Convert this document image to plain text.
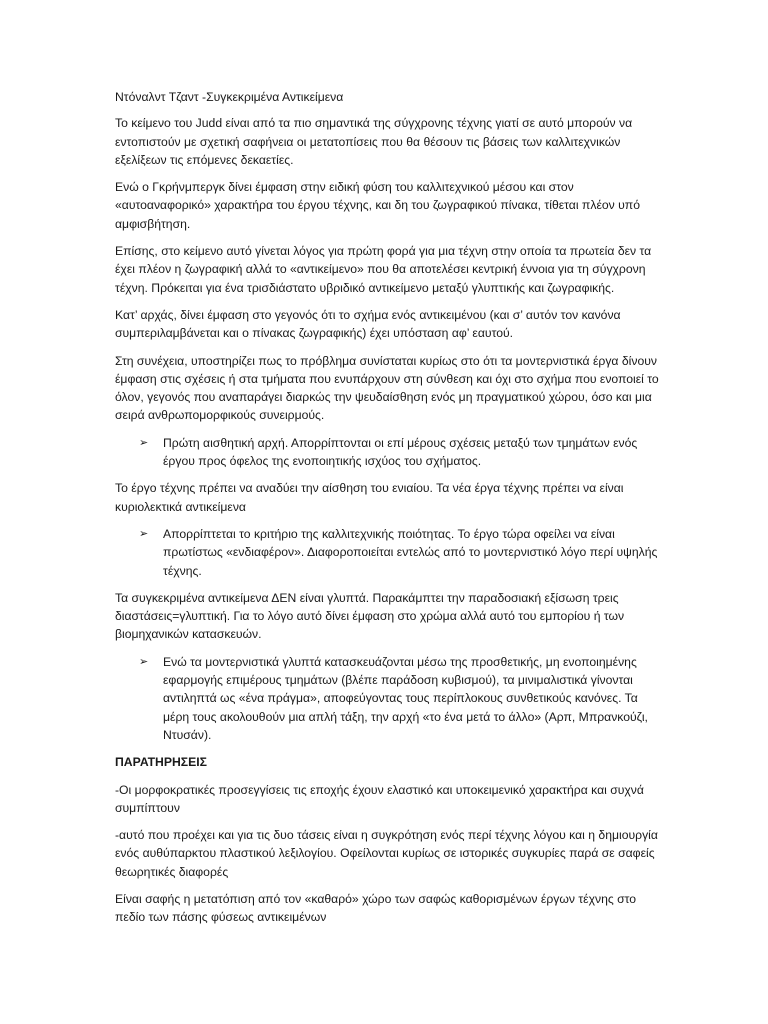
Ντόναλντ Τζαντ -Συγκεκριμένα Αντικείμενα

Το κείμενο του Judd είναι από τα πιο σημαντικά της σύγχρονης τέχνης γιατί σε αυτό μπορούν να εντοπιστούν με σχετική σαφήνεια οι μετατοπίσεις που θα θέσουν τις βάσεις των καλλιτεχνικών εξελίξεων τις επόμενες δεκαετίες.

Ενώ ο Γκρήνμπεργκ δίνει έμφαση στην ειδική φύση του καλλιτεχνικού μέσου και στον «αυτοαναφορικό» χαρακτήρα του έργου τέχνης, και δη του ζωγραφικού πίνακα, τίθεται πλέον υπό αμφισβήτηση.

Επίσης, στο κείμενο αυτό γίνεται λόγος για πρώτη φορά για μια τέχνη στην οποία τα πρωτεία δεν τα έχει πλέον η ζωγραφική αλλά το «αντικείμενο» που θα αποτελέσει κεντρική έννοια για τη σύγχρονη τέχνη. Πρόκειται για ένα τρισδιάστατο υβριδικό αντικείμενο μεταξύ γλυπτικής και ζωγραφικής.

Κατ’ αρχάς, δίνει έμφαση στο γεγονός ότι το σχήμα ενός αντικειμένου (και σ’ αυτόν τον κανόνα συμπεριλαμβάνεται και ο πίνακας ζωγραφικής) έχει υπόσταση αφ’ εαυτού.

Στη συνέχεια, υποστηρίζει πως το πρόβλημα συνίσταται κυρίως στο ότι τα μοντερνιστικά έργα δίνουν έμφαση στις σχέσεις ή στα τμήματα που ενυπάρχουν στη σύνθεση και όχι στο σχήμα που ενοποιεί το όλον, γεγονός που αναπαράγει διαρκώς την ψευδαίσθηση ενός μη πραγματικού χώρου, όσο και μια σειρά ανθρωπομορφικούς συνειρμούς.

➢ Πρώτη αισθητική αρχή. Απορρίπτονται οι επί μέρους σχέσεις μεταξύ των τμημάτων ενός έργου προς όφελος της ενοποιητικής ισχύος του σχήματος.

Το έργο τέχνης πρέπει να αναδύει την αίσθηση του ενιαίου. Τα νέα έργα τέχνης πρέπει να είναι κυριολεκτικά αντικείμενα

➢ Απορρίπτεται το κριτήριο της καλλιτεχνικής ποιότητας. Το έργο τώρα οφείλει να είναι πρωτίστως «ενδιαφέρον». Διαφοροποιείται εντελώς από το μοντερνιστικό λόγο περί υψηλής τέχνης.

Τα συγκεκριμένα αντικείμενα ΔΕΝ είναι γλυπτά. Παρακάμπτει την παραδοσιακή εξίσωση τρεις διαστάσεις=γλυπτική. Για το λόγο αυτό δίνει έμφαση στο χρώμα αλλά αυτό του εμπορίου ή των βιομηχανικών κατασκευών.

➢ Ενώ τα μοντερνιστικά γλυπτά κατασκευάζονται μέσω της προσθετικής, μη ενοποιημένης εφαρμογής επιμέρους τμημάτων (βλέπε παράδοση κυβισμού), τα μινιμαλιστικά γίνονται αντιληπτά ως «ένα πράγμα», αποφεύγοντας τους περίπλοκους συνθετικούς κανόνες. Τα μέρη τους ακολουθούν μια απλή τάξη, την αρχή «το ένα μετά το άλλο» (Αρπ, Μπρανκούζι, Ντυσάν).

ΠΑΡΑΤΗΡΗΣΕΙΣ

-Οι μορφοκρατικές προσεγγίσεις τις εποχής έχουν ελαστικό και υποκειμενικό χαρακτήρα και συχνά συμπίπτουν

-αυτό που προέχει και για τις δυο τάσεις είναι η συγκρότηση ενός περί τέχνης λόγου και η δημιουργία ενός αυθύπαρκτου πλαστικού λεξιλογίου. Οφείλονται κυρίως σε ιστορικές συγκυρίες παρά σε σαφείς θεωρητικές διαφορές

Είναι σαφής η μετατόπιση από τον «καθαρό» χώρο των σαφώς καθορισμένων έργων τέχνης στο πεδίο των πάσης φύσεως αντικειμένων
